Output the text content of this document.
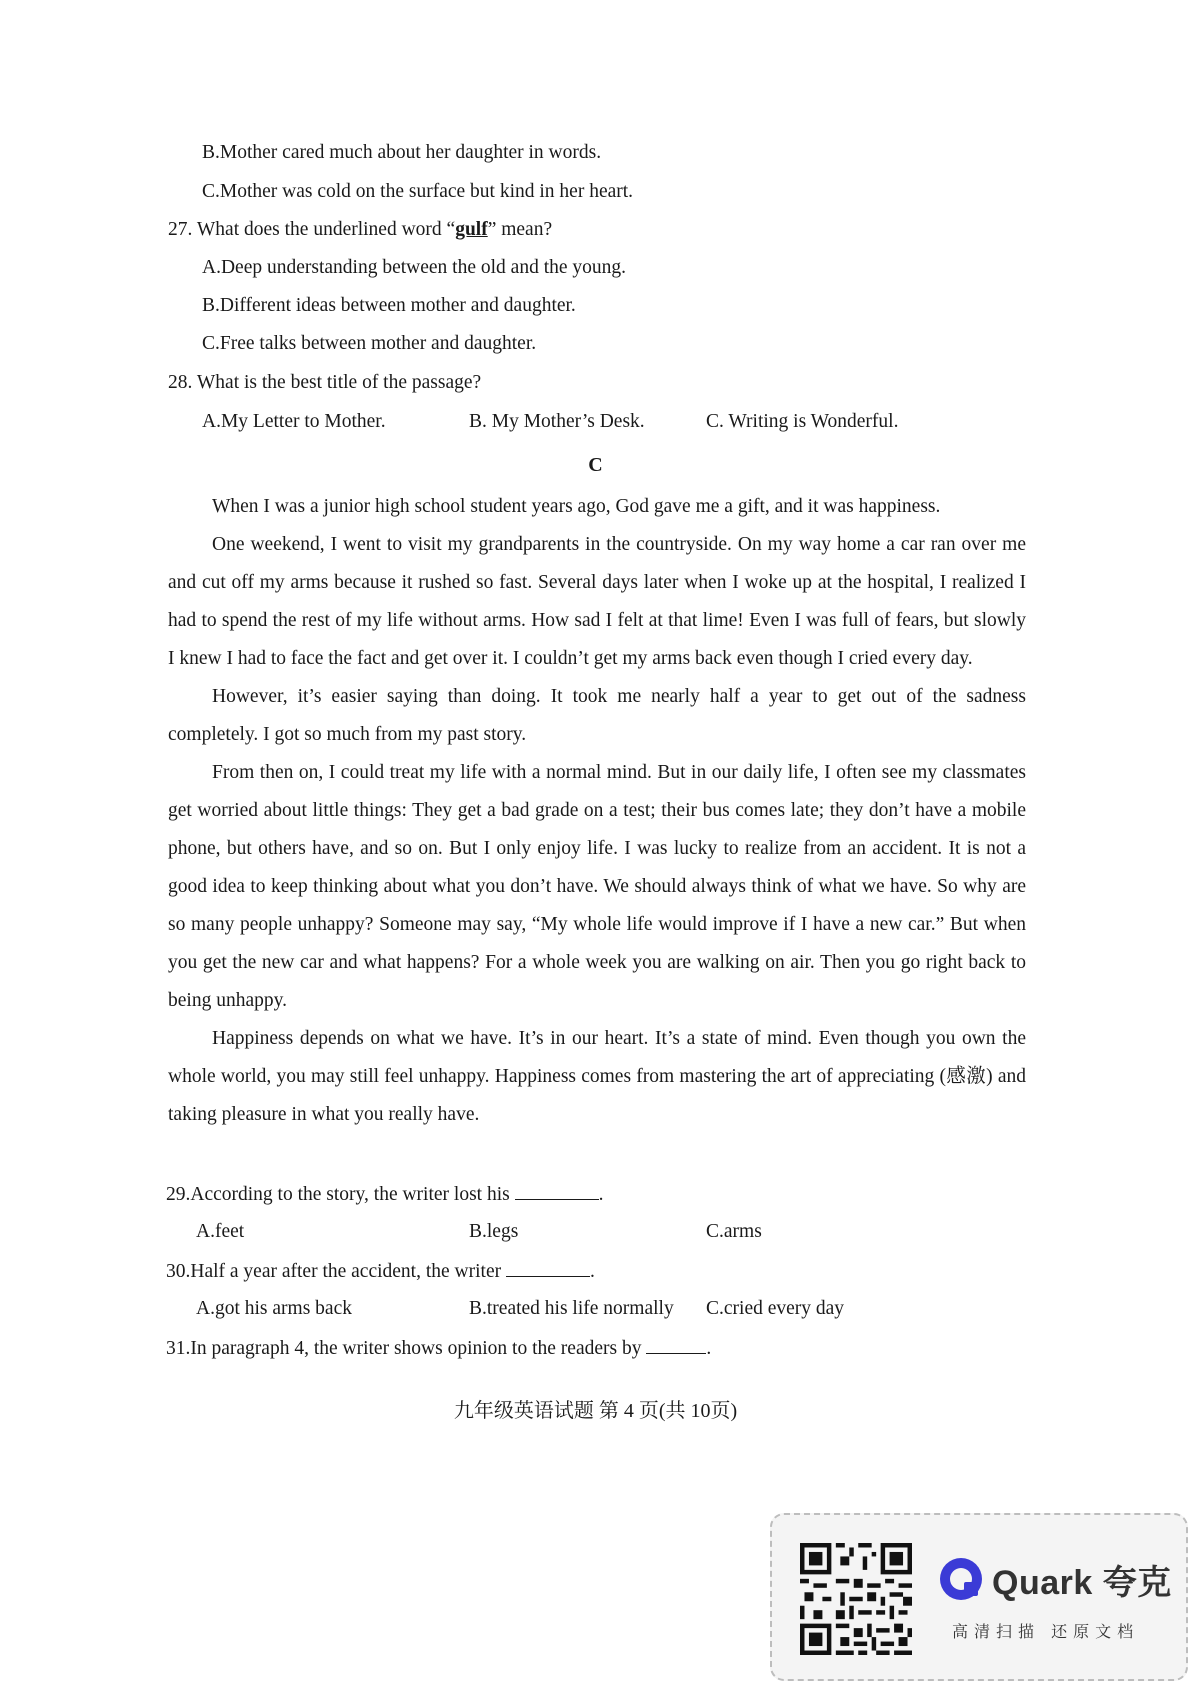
B.Mother cared much about her daughter in words.
C.Mother was cold on the surface but kind in her heart.
27. What does the underlined word “gulf” mean?
A.Deep understanding between the old and the young.
B.Different ideas between mother and daughter.
C.Free talks between mother and daughter.
28. What is the best title of the passage?
A.My Letter to Mother.	B. My Mother’s Desk.	C. Writing is Wonderful.
C

When I was a junior high school student years ago, God gave me a gift, and it was happiness.

One weekend, I went to visit my grandparents in the countryside. On my way home a car ran over me and cut off my arms because it rushed so fast. Several days later when I woke up at the hospital, I realized I had to spend the rest of my life without arms. How sad I felt at that lime! Even I was full of fears, but slowly I knew I had to face the fact and get over it. I couldn’t get my arms back even though I cried every day.

However, it’s easier saying than doing. It took me nearly half a year to get out of the sadness completely. I got so much from my past story.

From then on, I could treat my life with a normal mind. But in our daily life, I often see my classmates get worried about little things: They get a bad grade on a test; their bus comes late; they don’t have a mobile phone, but others have, and so on. But I only enjoy life. I was lucky to realize from an accident. It is not a good idea to keep thinking about what you don’t have. We should always think of what we have. So why are so many people unhappy? Someone may say, “My whole life would improve if I have a new car.” But when you get the new car and what happens? For a whole week you are walking on air. Then you go right back to being unhappy.

Happiness depends on what we have. It’s in our heart. It’s a state of mind. Even though you own the whole world, you may still feel unhappy. Happiness comes from mastering the art of appreciating (感激) and taking pleasure in what you really have.

29.According to the story, the writer lost his	.
A.feet	B.legs	C.arms
30.Half a year after the accident, the writer	.
A.got his arms back	B.treated his life normally C.cried every day
31.In paragraph 4, the writer shows opinion to the readers by	.
九年级英语试题 第 4 页(共 10页)
Quark 夸克
高清扫描 还原文档
